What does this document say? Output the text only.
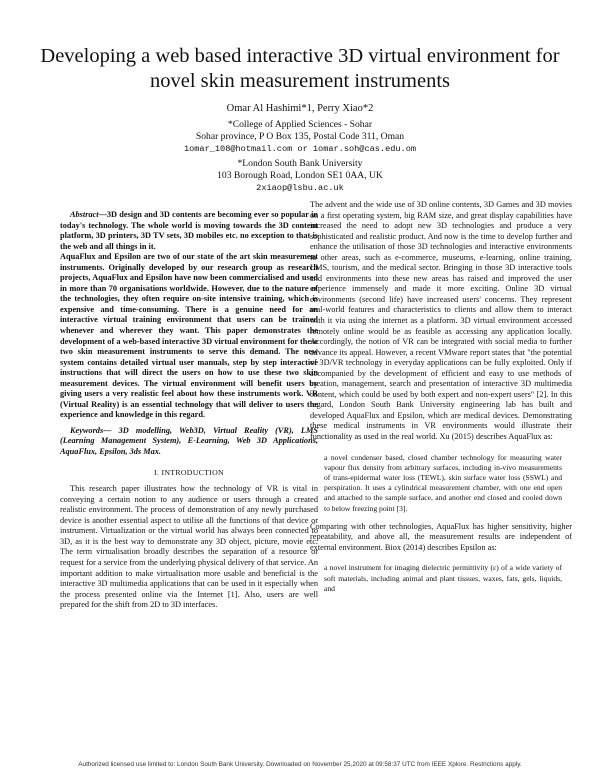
Developing a web based interactive 3D virtual environment for novel skin measurement instruments
Omar Al Hashimi*1, Perry Xiao*2
*College of Applied Sciences - Sohar
Sohar province, P O Box 135, Postal Code 311, Oman
1omar_108@hotmail.com or 1omar.soh@cas.edu.om
*London South Bank University
103 Borough Road, London SE1 0AA, UK
2xiaop@lsbu.ac.uk

Abstract—3D design and 3D contents are becoming ever so popular in today's technology. The whole world is moving towards the 3D content platform, 3D printers, 3D TV sets, 3D mobiles etc. no exception to that is the web and all things in it.

AquaFlux and Epsilon are two of our state of the art skin measurement instruments. Originally developed by our research group as research projects, AquaFlux and Epsilon have now been commercialised and used in more than 70 organisations worldwide. However, due to the nature of the technologies, they often require on-site intensive training, which is expensive and time-consuming. There is a genuine need for an interactive virtual training environment that users can be trained whenever and wherever they want. This paper demonstrates the development of a web-based interactive 3D virtual environment for these two skin measurement instruments to serve this demand. The new system contains detailed virtual user manuals, step by step interactive instructions that will direct the users on how to use these two skin measurement devices. The virtual environment will benefit users by giving users a very realistic feel about how these instruments work. VR (Virtual Reality) is an essential technology that will deliver to users the experience and knowledge in this regard.

Keywords— 3D modelling, Web3D, Virtual Reality (VR), LMS (Learning Management System), E-Learning, Web 3D Applications, AquaFlux, Epsilon, 3ds Max.

I. INTRODUCTION

This research paper illustrates how the technology of VR is vital in conveying a certain notion to any audience or users through a created realistic environment. The process of demonstration of any newly purchased device is another essential aspect to utilise all the functions of that device or instrument. Virtualization or the virtual world has always been connected to 3D, as it is the best way to demonstrate any 3D object, picture, movie etc. The term virtualisation broadly describes the separation of a resource or request for a service from the underlying physical delivery of that service. An important addition to make virtualisation more usable and beneficial is the interactive 3D multimedia applications that can be used in it especially when the process presented online via the Internet [1]. Also, users are well prepared for the shift from 2D to 3D interfaces.

The advent and the wide use of 3D online contents, 3D Games and 3D movies on a first operating system, big RAM size, and great display capabilities have increased the need to adopt new 3D technologies and produce a very sophisticated and realistic product. And now is the time to develop further and enhance the utilisation of those 3D technologies and interactive environments to other areas, such as e-commerce, museums, e-learning, online training, LMS, tourism, and the medical sector. Bringing in those 3D interactive tools and environments into these new areas has raised and improved the user experience immensely and made it more exciting. Online 3D virtual environments (second life) have increased users' concerns. They represent real-world features and characteristics to clients and allow them to interact with it via using the internet as a platform. 3D virtual environment accessed remotely online would be as feasible as accessing any application locally. Accordingly, the notion of VR can be integrated with social media to further advance its appeal. However, a recent VMware report states that "the potential of 3D/VR technology in everyday applications can be fully exploited. Only if accompanied by the development of efficient and easy to use methods of creation, management, search and presentation of interactive 3D multimedia content, which could be used by both expert and non-expert users" [2]. In this regard, London South Bank University engineering lab has built and developed AquaFlux and Epsilon, which are medical devices. Demonstrating these medical instruments in VR environments would illustrate their functionality as used in the real world. Xu (2015) describes AquaFlux as:

a novel condenser based, closed chamber technology for measuring water vapour flux density from arbitrary surfaces, including in-vivo measurements of trans-epidermal water loss (TEWL), skin surface water loss (SSWL) and perspiration. It uses a cylindrical measurement chamber, with one end open and attached to the sample surface, and another end closed and cooled down to below freezing point [3].

Comparing with other technologies, AquaFlux has higher sensitivity, higher repeatability, and above all, the measurement results are independent of external environment. Biox (2014) describes Epsilon as:

a novel instrument for imaging dielectric permittivity (ε) of a wide variety of soft materials, including animal and plant tissues, waxes, fats, gels, liquids, and

Authorized licensed use limited to: London South Bank University. Downloaded on November 25,2020 at 09:58:37 UTC from IEEE Xplore. Restrictions apply.
